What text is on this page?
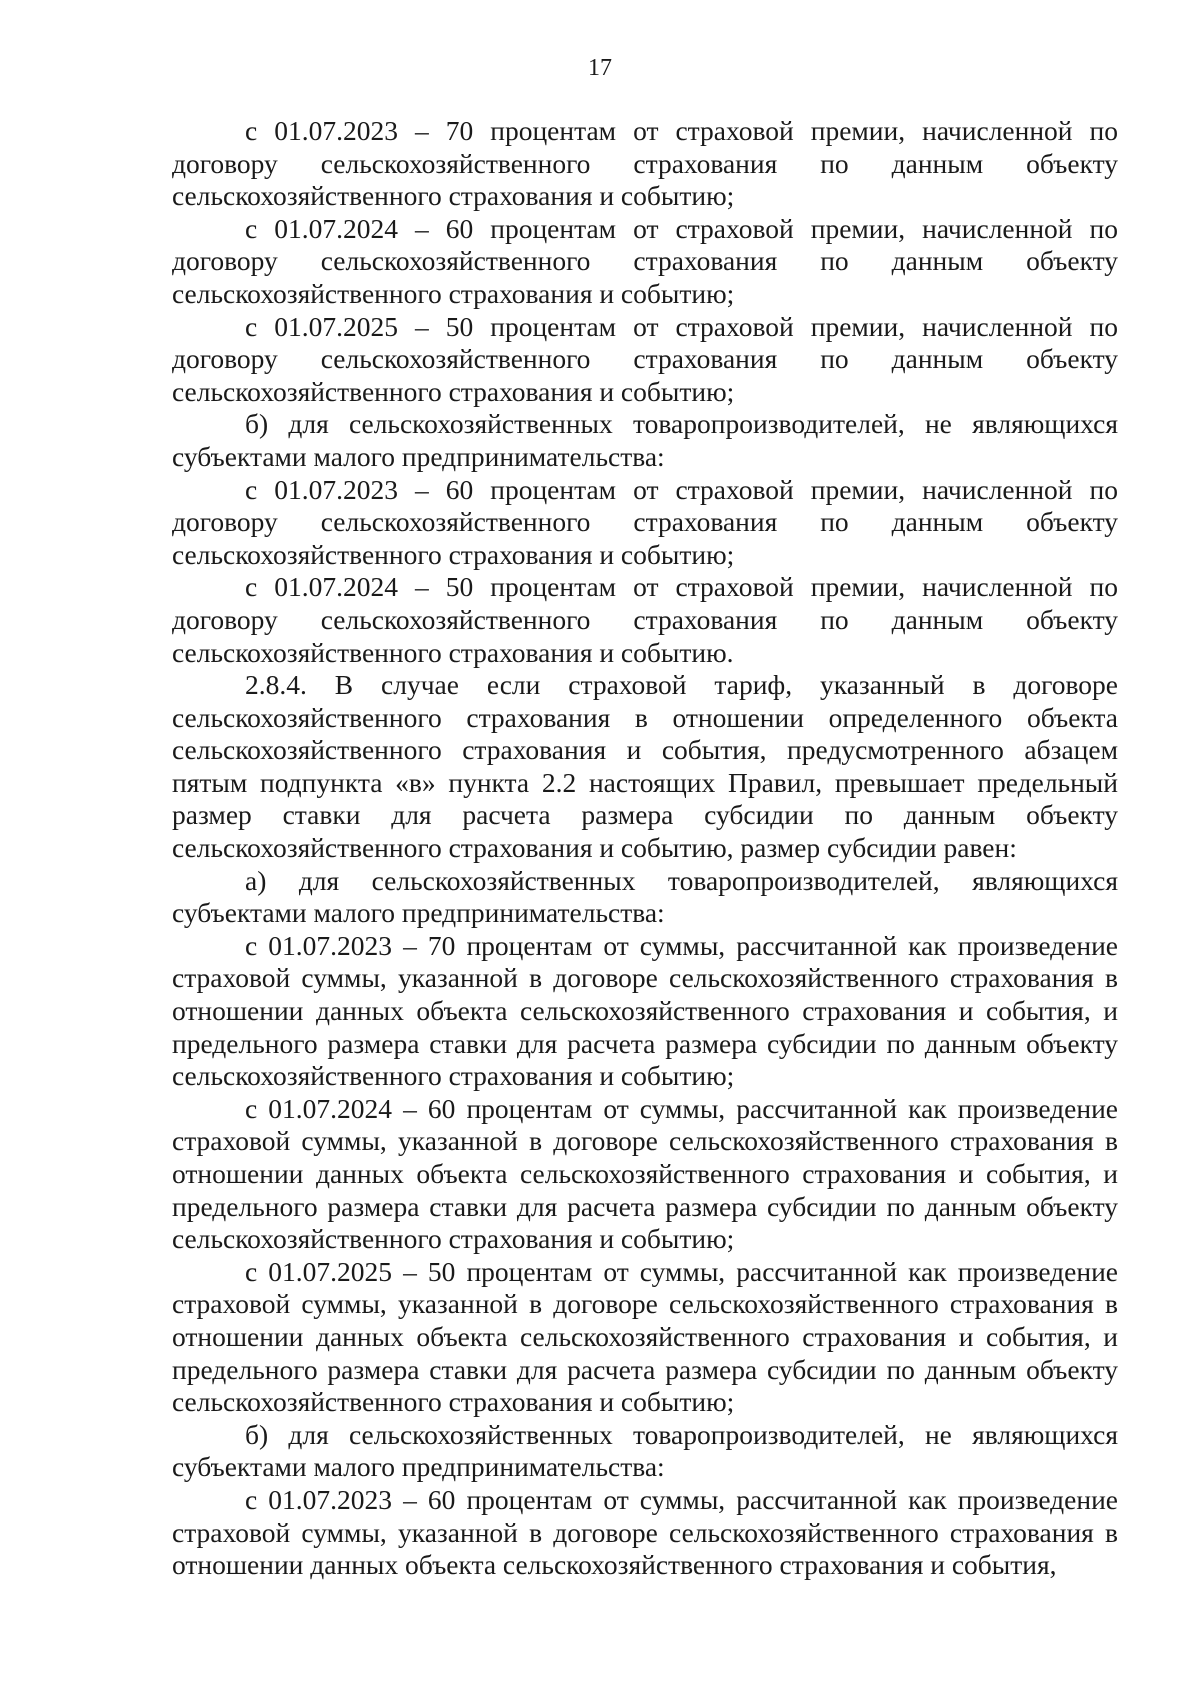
17

с 01.07.2023 – 70 процентам от страховой премии, начисленной по договору сельскохозяйственного страхования по данным объекту сельскохозяйственного страхования и событию;

с 01.07.2024 – 60 процентам от страховой премии, начисленной по договору сельскохозяйственного страхования по данным объекту сельскохозяйственного страхования и событию;

с 01.07.2025 – 50 процентам от страховой премии, начисленной по договору сельскохозяйственного страхования по данным объекту сельскохозяйственного страхования и событию;

б) для сельскохозяйственных товаропроизводителей, не являющихся субъектами малого предпринимательства:

с 01.07.2023 – 60 процентам от страховой премии, начисленной по договору сельскохозяйственного страхования по данным объекту сельскохозяйственного страхования и событию;

с 01.07.2024 – 50 процентам от страховой премии, начисленной по договору сельскохозяйственного страхования по данным объекту сельскохозяйственного страхования и событию.

2.8.4. В случае если страховой тариф, указанный в договоре сельскохозяйственного страхования в отношении определенного объекта сельскохозяйственного страхования и события, предусмотренного абзацем пятым подпункта «в» пункта 2.2 настоящих Правил, превышает предельный размер ставки для расчета размера субсидии по данным объекту сельскохозяйственного страхования и событию, размер субсидии равен:

а) для сельскохозяйственных товаропроизводителей, являющихся субъектами малого предпринимательства:

с 01.07.2023 – 70 процентам от суммы, рассчитанной как произведение страховой суммы, указанной в договоре сельскохозяйственного страхования в отношении данных объекта сельскохозяйственного страхования и события, и предельного размера ставки для расчета размера субсидии по данным объекту сельскохозяйственного страхования и событию;

с 01.07.2024 – 60 процентам от суммы, рассчитанной как произведение страховой суммы, указанной в договоре сельскохозяйственного страхования в отношении данных объекта сельскохозяйственного страхования и события, и предельного размера ставки для расчета размера субсидии по данным объекту сельскохозяйственного страхования и событию;

с 01.07.2025 – 50 процентам от суммы, рассчитанной как произведение страховой суммы, указанной в договоре сельскохозяйственного страхования в отношении данных объекта сельскохозяйственного страхования и события, и предельного размера ставки для расчета размера субсидии по данным объекту сельскохозяйственного страхования и событию;

б) для сельскохозяйственных товаропроизводителей, не являющихся субъектами малого предпринимательства:

с 01.07.2023 – 60 процентам от суммы, рассчитанной как произведение страховой суммы, указанной в договоре сельскохозяйственного страхования в отношении данных объекта сельскохозяйственного страхования и события,
